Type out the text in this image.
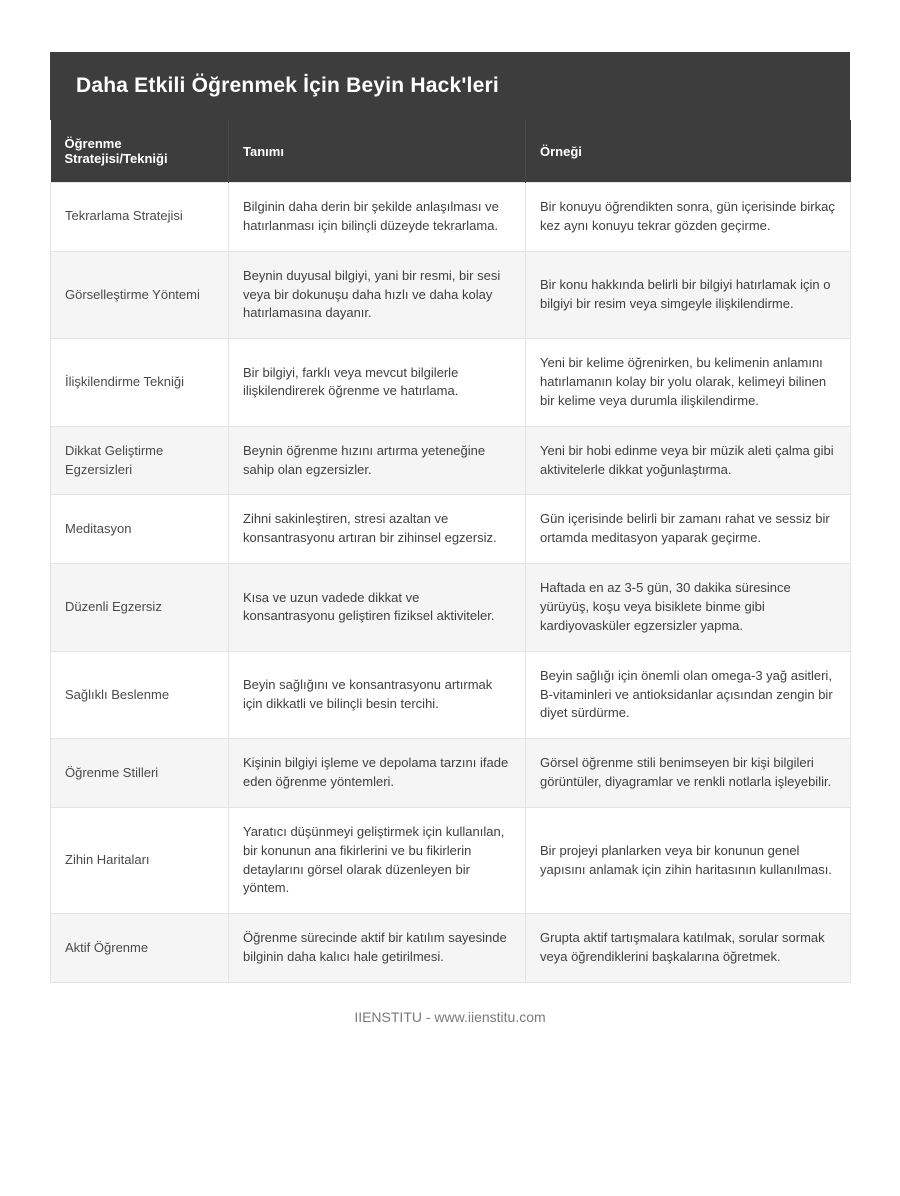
Daha Etkili Öğrenmek İçin Beyin Hack'leri
Öğrenme Stratejisi/Tekniği	Tanımı	Örneği
Tekrarlama Stratejisi	Bilginin daha derin bir şekilde anlaşılması ve hatırlanması için bilinçli düzeyde tekrarlama.	Bir konuyu öğrendikten sonra, gün içerisinde birkaç kez aynı konuyu tekrar gözden geçirme.
Görselleştirme Yöntemi	Beynin duyusal bilgiyi, yani bir resmi, bir sesi veya bir dokunuşu daha hızlı ve daha kolay hatırlamasına dayanır.	Bir konu hakkında belirli bir bilgiyi hatırlamak için o bilgiyi bir resim veya simgeyle ilişkilendirme.
İlişkilendirme Tekniği	Bir bilgiyi, farklı veya mevcut bilgilerle ilişkilendirerek öğrenme ve hatırlama.	Yeni bir kelime öğrenirken, bu kelimenin anlamını hatırlamanın kolay bir yolu olarak, kelimeyi bilinen bir kelime veya durumla ilişkilendirme.
Dikkat Geliştirme Egzersizleri	Beynin öğrenme hızını artırma yeteneğine sahip olan egzersizler.	Yeni bir hobi edinme veya bir müzik aleti çalma gibi aktivitelerle dikkat yoğunlaştırma.
Meditasyon	Zihni sakinleştiren, stresi azaltan ve konsantrasyonu artıran bir zihinsel egzersiz.	Gün içerisinde belirli bir zamanı rahat ve sessiz bir ortamda meditasyon yaparak geçirme.
Düzenli Egzersiz	Kısa ve uzun vadede dikkat ve konsantrasyonu geliştiren fiziksel aktiviteler.	Haftada en az 3-5 gün, 30 dakika süresince yürüyüş, koşu veya bisiklete binme gibi kardiyovasküler egzersizler yapma.
Sağlıklı Beslenme	Beyin sağlığını ve konsantrasyonu artırmak için dikkatli ve bilinçli besin tercihi.	Beyin sağlığı için önemli olan omega-3 yağ asitleri, B-vitaminleri ve antioksidanlar açısından zengin bir diyet sürdürme.
Öğrenme Stilleri	Kişinin bilgiyi işleme ve depolama tarzını ifade eden öğrenme yöntemleri.	Görsel öğrenme stili benimseyen bir kişi bilgileri görüntüler, diyagramlar ve renkli notlarla işleyebilir.
Zihin Haritaları	Yaratıcı düşünmeyi geliştirmek için kullanılan, bir konunun ana fikirlerini ve bu fikirlerin detaylarını görsel olarak düzenleyen bir yöntem.	Bir projeyi planlarken veya bir konunun genel yapısını anlamak için zihin haritasının kullanılması.
Aktif Öğrenme	Öğrenme sürecinde aktif bir katılım sayesinde bilginin daha kalıcı hale getirilmesi.	Grupta aktif tartışmalara katılmak, sorular sormak veya öğrendiklerini başkalarına öğretmek.
IIENSTITU - www.iienstitu.com
